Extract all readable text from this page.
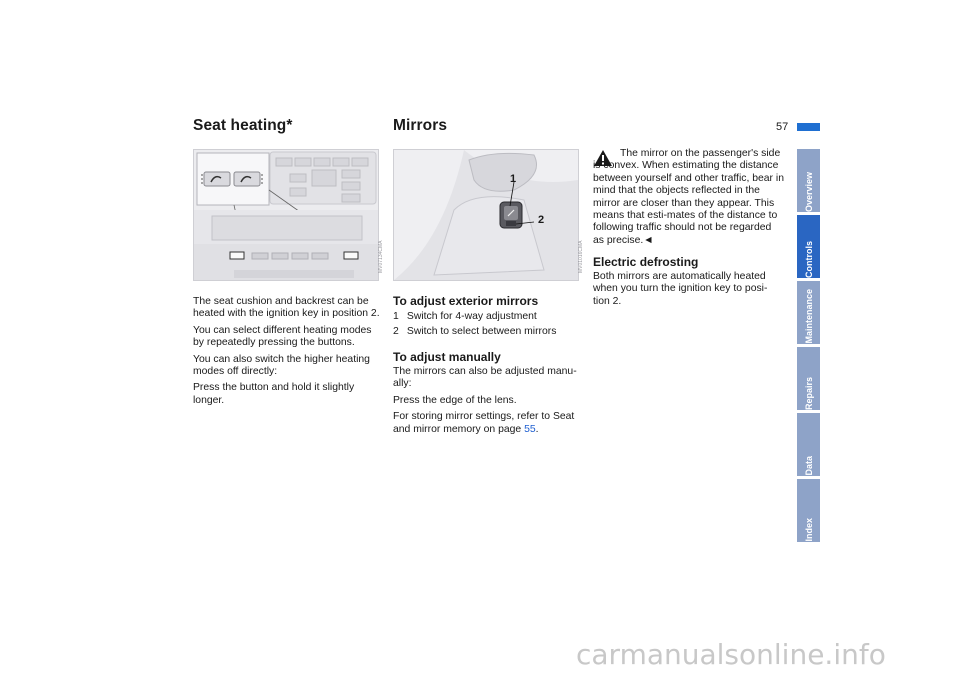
57
Seat heating*
MV07134CMA

The seat cushion and backrest can be heated with the ignition key in position 2.

You can select different heating modes by repeatedly pressing the buttons.

You can also switch the higher heating modes off directly:

Press the button and hold it slightly longer.

Mirrors
1
2
MV01016CMA
To adjust exterior mirrors
1 Switch for 4-way adjustment
2 Switch to select between mirrors
To adjust manually

The mirrors can also be adjusted manu-ally:

Press the edge of the lens.

For storing mirror settings, refer to Seat and mirror memory on page 55.

The mirror on the passenger's side is convex. When estimating the distance between yourself and other traffic, bear in mind that the objects reflected in the mirror are closer than they appear. This means that esti-mates of the distance to following traffic should not be regarded as precise.◄
Electric defrosting
Both mirrors are automatically heated when you turn the ignition key to posi-tion 2.
Overview
Controls
Maintenance
Repairs
Data
Index
carmanualsonline.info
